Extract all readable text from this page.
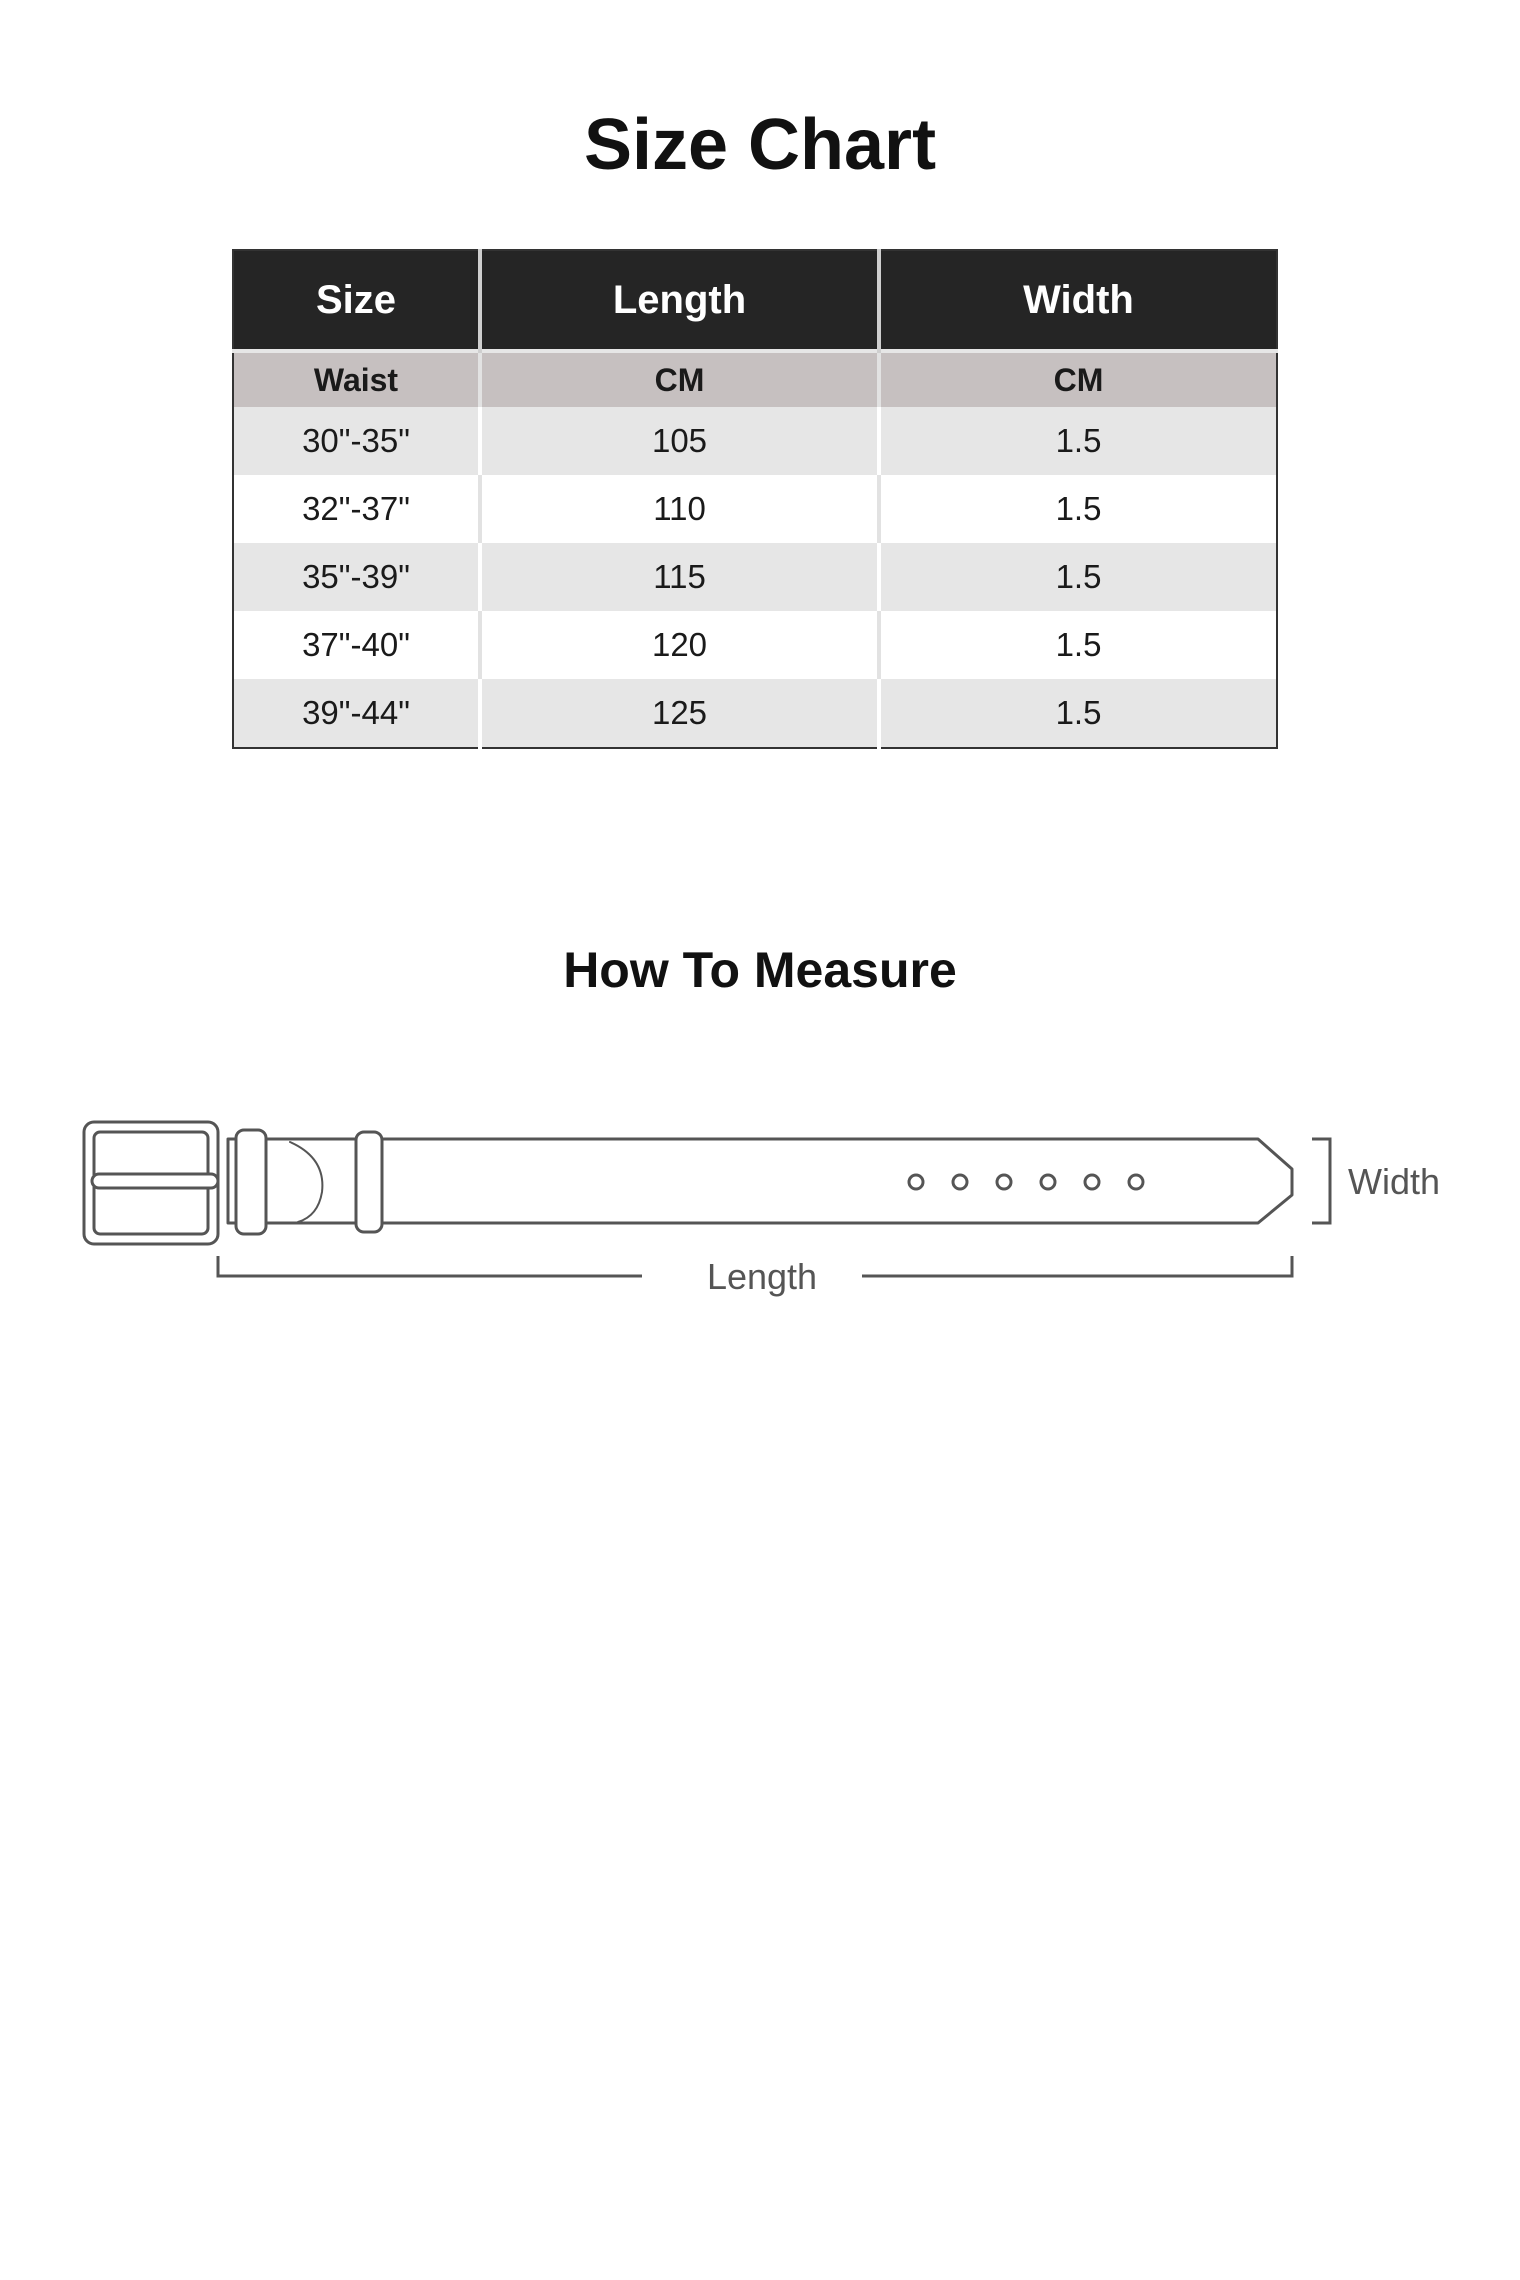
Size Chart
Size	Length	Width
Waist	CM	CM
30"-35"	105	1.5
32"-37"	110	1.5
35"-39"	115	1.5
37"-40"	120	1.5
39"-44"	125	1.5
How To Measure
Width
Length
